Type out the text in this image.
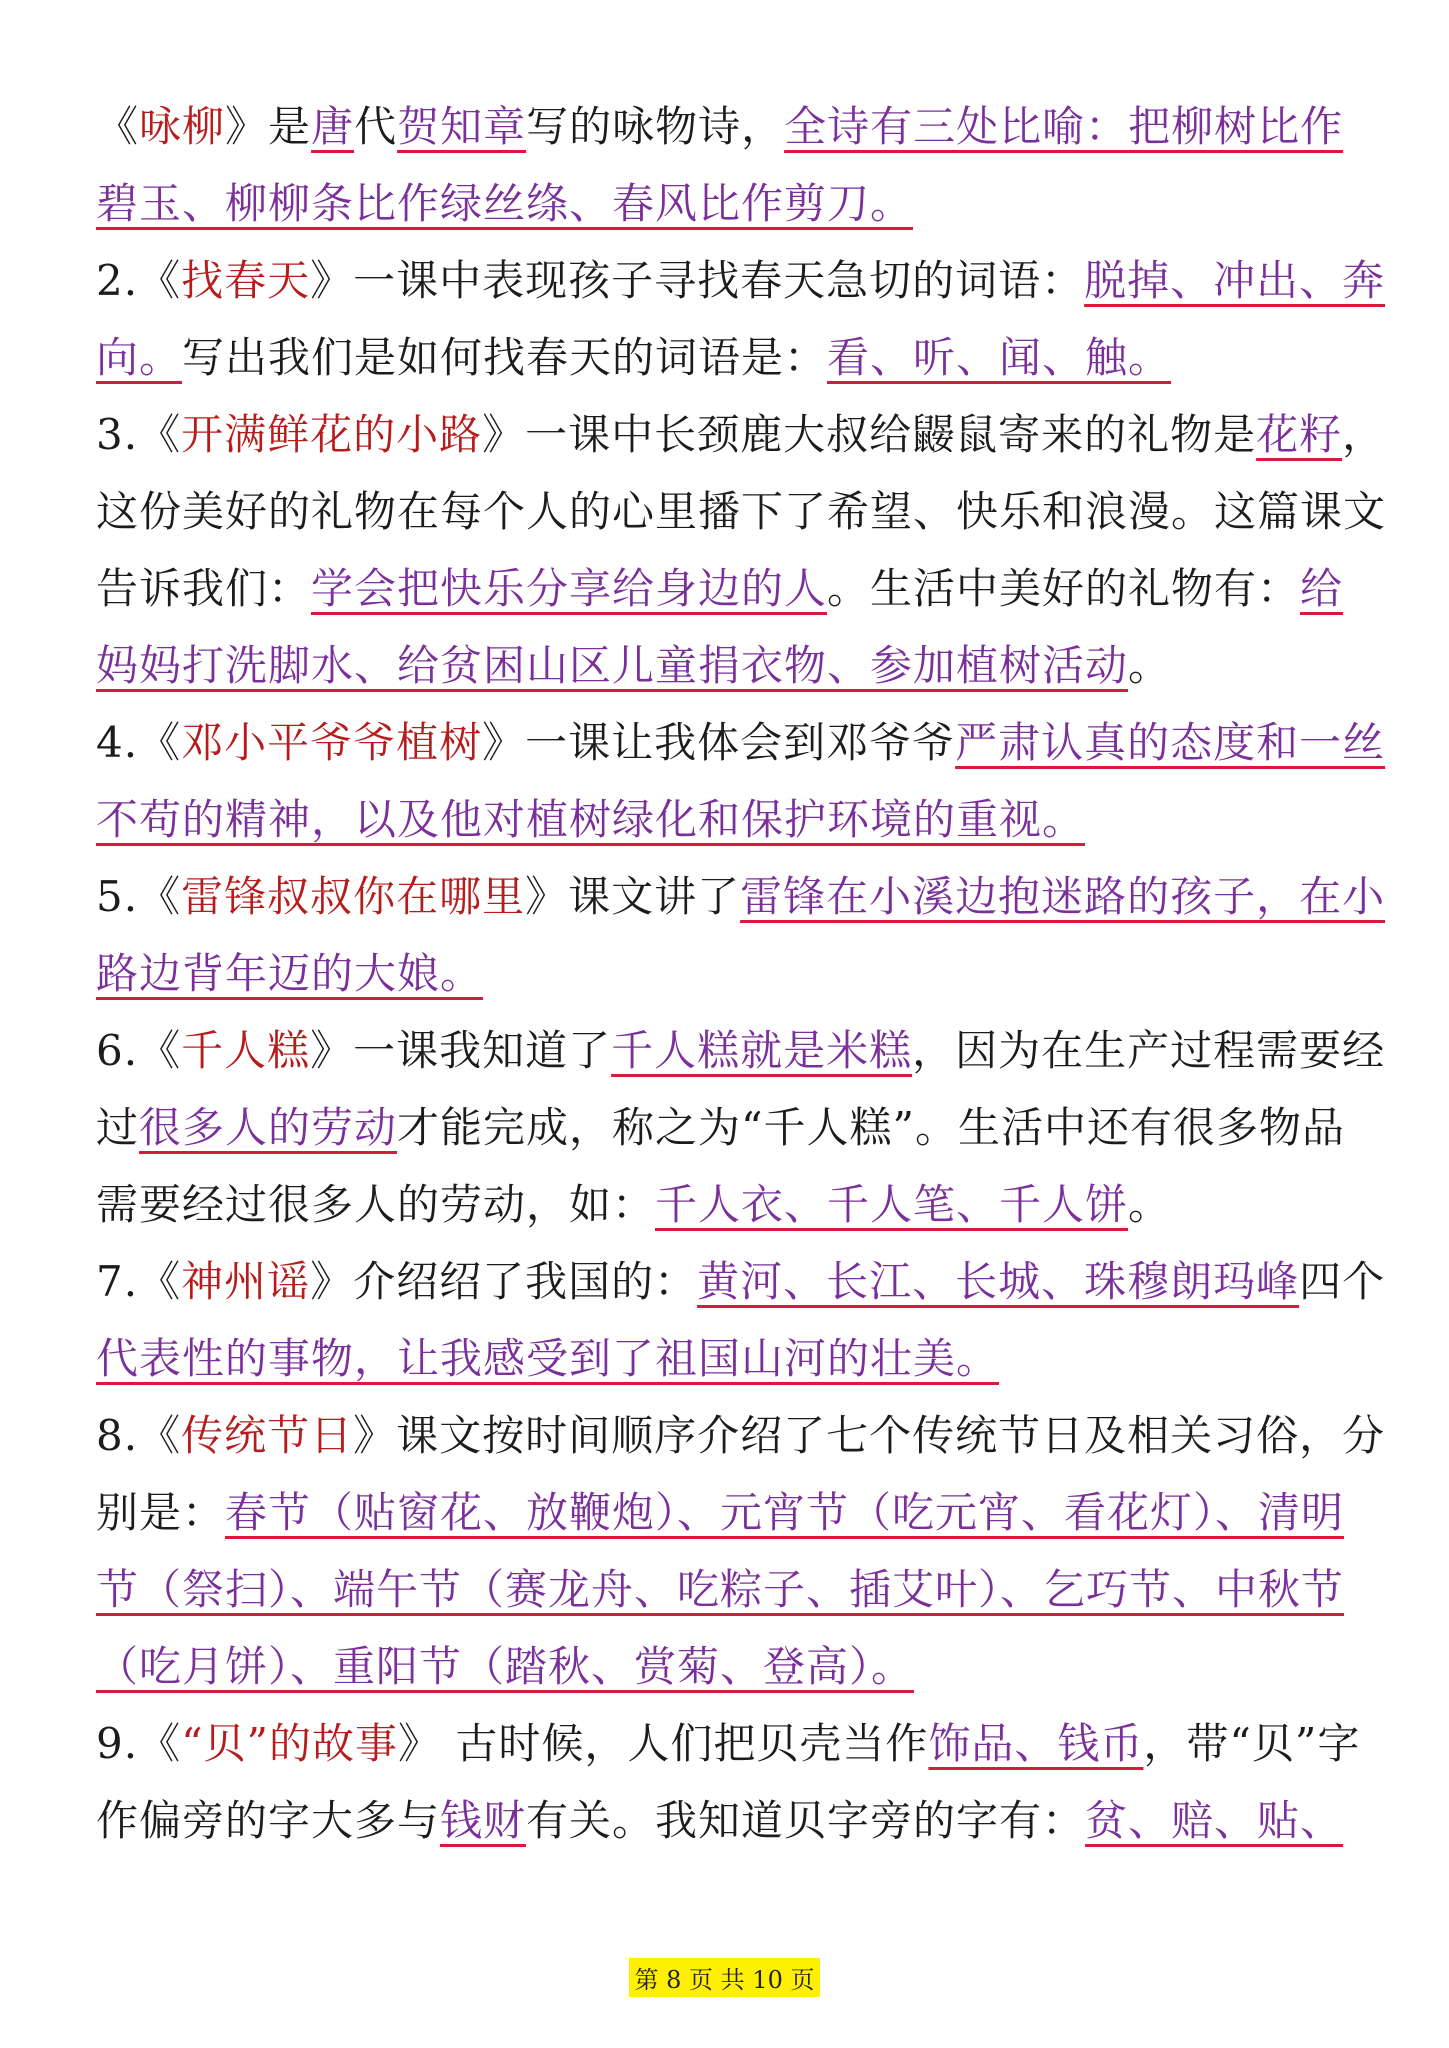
《咏柳》是唐代贺知章写的咏物诗，全诗有三处比喻：把柳树比作碧玉、柳柳条比作绿丝绦、春风比作剪刀。
2.《找春天》一课中表现孩子寻找春天急切的词语：脱掉、冲出、奔向。写出我们是如何找春天的词语是：看、听、闻、触。
3.《开满鲜花的小路》一课中长颈鹿大叔给鼹鼠寄来的礼物是花籽，这份美好的礼物在每个人的心里播下了希望、快乐和浪漫。这篇课文告诉我们：学会把快乐分享给身边的人。生活中美好的礼物有：给妈妈打洗脚水、给贫困山区儿童捐衣物、参加植树活动。
4.《邓小平爷爷植树》一课让我体会到邓爷爷严肃认真的态度和一丝不苟的精神，以及他对植树绿化和保护环境的重视。
5.《雷锋叔叔你在哪里》课文讲了雷锋在小溪边抱迷路的孩子，在小路边背年迈的大娘。
6.《千人糕》一课我知道了千人糕就是米糕，因为在生产过程需要经过很多人的劳动才能完成，称之为“千人糕”。生活中还有很多物品需要经过很多人的劳动，如：千人衣、千人笔、千人饼。
7.《神州谣》介绍绍了我国的：黄河、长江、长城、珠穆朗玛峰四个代表性的事物，让我感受到了祖国山河的壮美。
8.《传统节日》课文按时间顺序介绍了七个传统节日及相关习俗，分别是：春节（贴窗花、放鞭炮）、元宵节（吃元宵、看花灯）、清明节（祭扫）、端午节（赛龙舟、吃粽子、插艾叶）、乞巧节、中秋节（吃月饼）、重阳节（踏秋、赏菊、登高）。
9.《“贝”的故事》 古时候，人们把贝壳当作饰品、钱币，带“贝”字作偏旁的字大多与钱财有关。我知道贝字旁的字有：贫、赔、贴、
第 8 页 共 10 页
